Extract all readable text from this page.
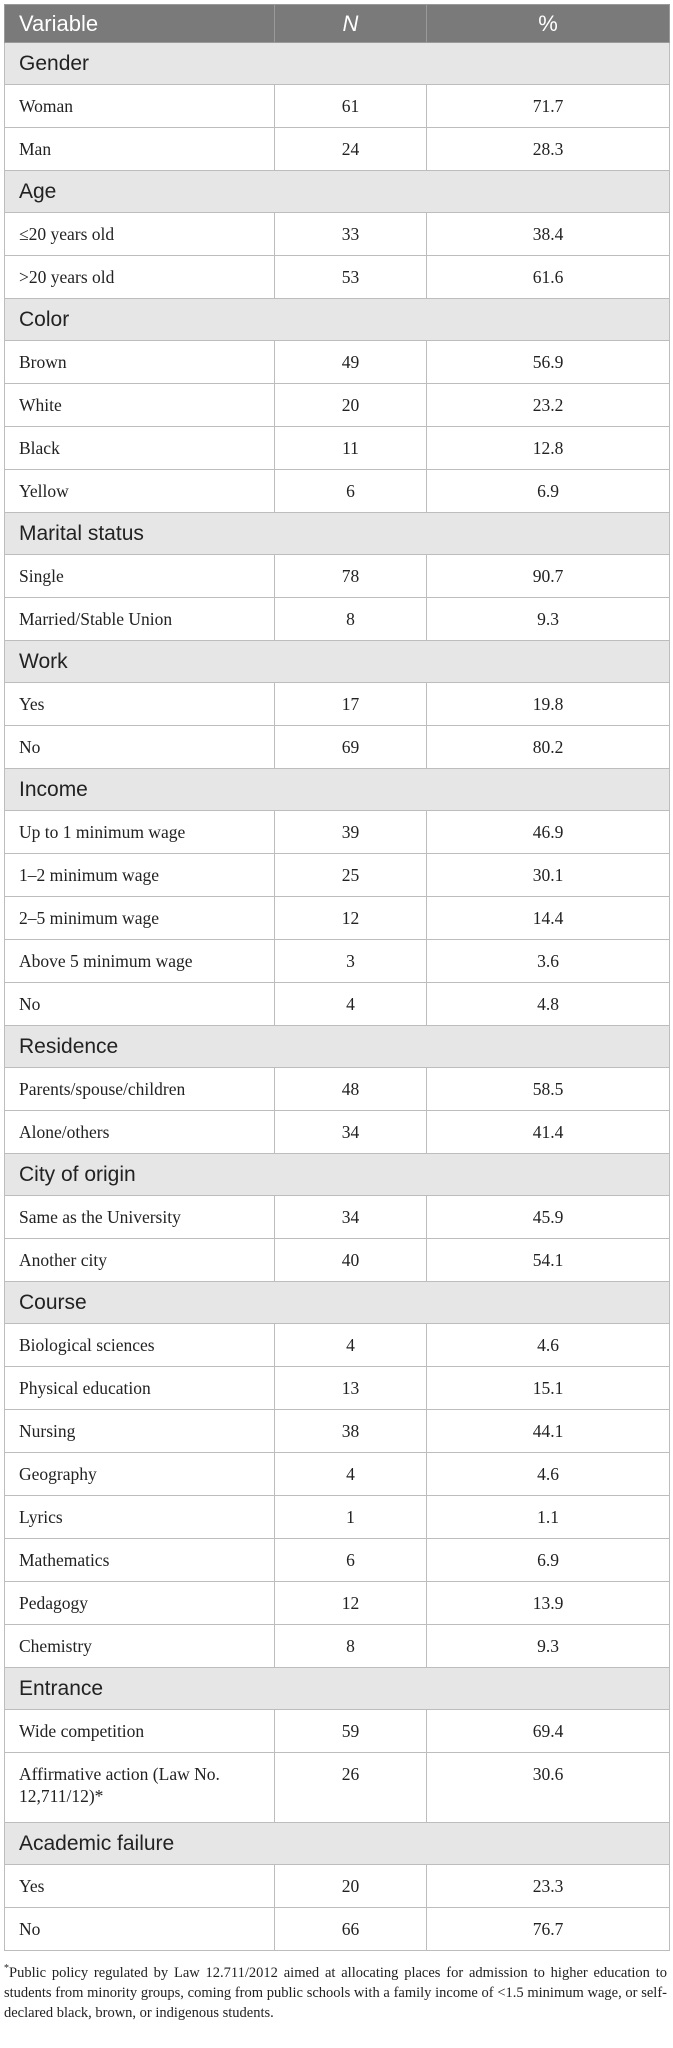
Variable	N	%
Gender		
Woman	61	71.7
Man	24	28.3
Age		
≤20 years old	33	38.4
>20 years old	53	61.6
Color		
Brown	49	56.9
White	20	23.2
Black	11	12.8
Yellow	6	6.9
Marital status		
Single	78	90.7
Married/Stable Union	8	9.3
Work		
Yes	17	19.8
No	69	80.2
Income		
Up to 1 minimum wage	39	46.9
1–2 minimum wage	25	30.1
2–5 minimum wage	12	14.4
Above 5 minimum wage	3	3.6
No	4	4.8
Residence		
Parents/spouse/children	48	58.5
Alone/others	34	41.4
City of origin		
Same as the University	34	45.9
Another city	40	54.1
Course		
Biological sciences	4	4.6
Physical education	13	15.1
Nursing	38	44.1
Geography	4	4.6
Lyrics	1	1.1
Mathematics	6	6.9
Pedagogy	12	13.9
Chemistry	8	9.3
Entrance		
Wide competition	59	69.4
Affirmative action (Law No. 12,711/12)*	26	30.6
Academic failure		
Yes	20	23.3
No	66	76.7
*Public policy regulated by Law 12.711/2012 aimed at allocating places for admission to higher education to students from minority groups, coming from public schools with a family income of <1.5 minimum wage, or self-declared black, brown, or indigenous students.
